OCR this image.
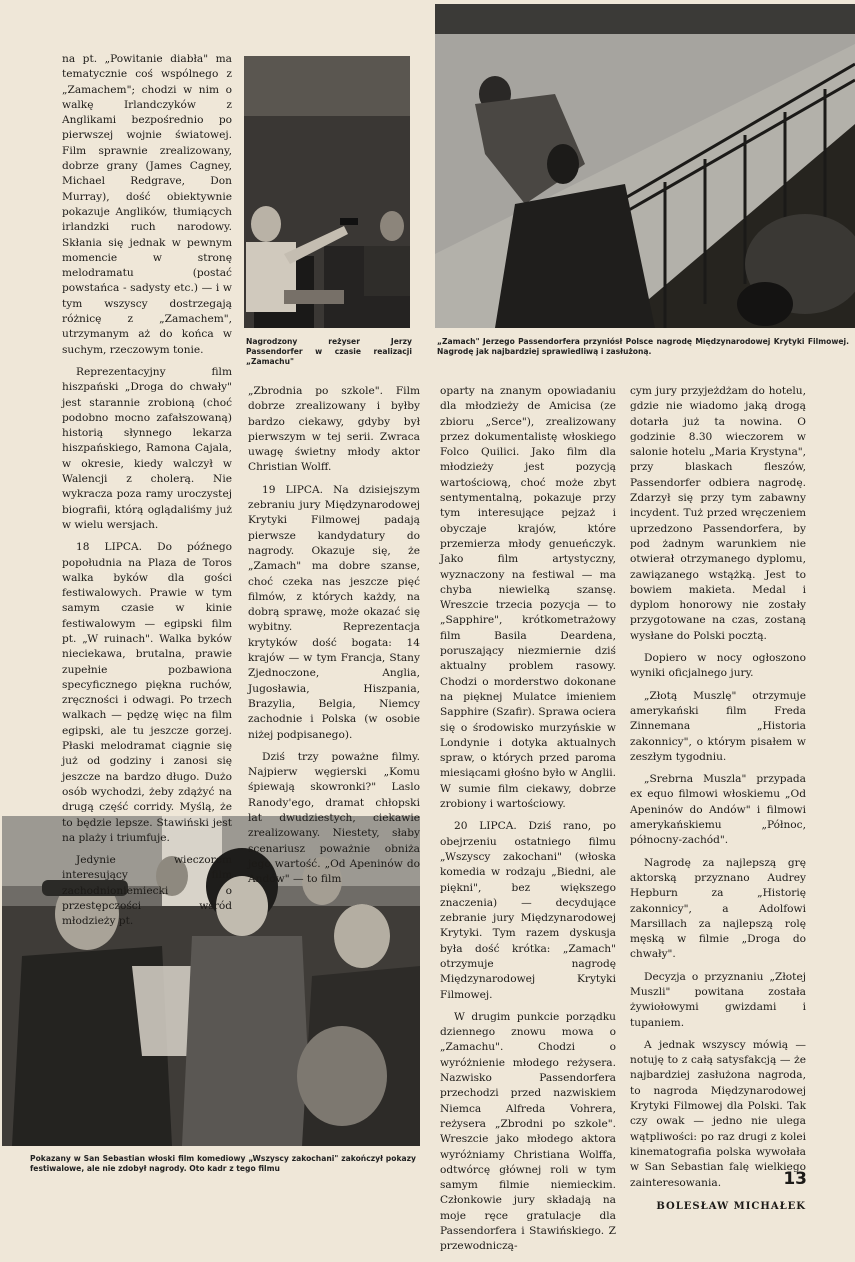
Nagrodzony reżyser Jerzy Passendorfer w czasie realizacji „Zamachu"
„Zamach" Jerzego Passendorfera przyniósł Polsce nagrodę Międzynarodowej Krytyki Filmowej. Nagrodę jak najbardziej sprawiedliwą i zasłużoną.
Pokazany w San Sebastian włoski film komediowy „Wszyscy zakochani" zakończył pokazy festiwalowe, ale nie zdobył nagrody. Oto kadr z tego filmu

na pt. „Powitanie diabła" ma tematycznie coś wspólnego z „Zamachem"; chodzi w nim o walkę Irlandczyków z Anglikami bezpośrednio po pierwszej wojnie światowej. Film sprawnie zrealizowany, dobrze grany (James Cagney, Michael Redgrave, Don Murray), dość obiektywnie pokazuje Anglików, tłumiących irlandzki ruch narodowy. Skłania się jednak w pewnym momencie w stronę melodramatu (postać powstańca - sadysty etc.) — i w tym wszyscy dostrzegają różnicę z „Zamachem", utrzymanym aż do końca w suchym, rzeczowym tonie.

Reprezentacyjny film hiszpański „Droga do chwały" jest starannie zrobioną (choć podobno mocno zafałszowaną) historią słynnego lekarza hiszpańskiego, Ramona Cajala, w okresie, kiedy walczył w Walencji z cholerą. Nie wykracza poza ramy uroczystej biografii, którą oglądaliśmy już w wielu wersjach.

18 LIPCA. Do późnego popołudnia na Plaza de Toros walka byków dla gości festiwalowych. Prawie w tym samym czasie w kinie festiwalowym — egipski film pt. „W ruinach". Walka byków nieciekawa, brutalna, prawie zupełnie pozbawiona specyficznego piękna ruchów, zręczności i odwagi. Po trzech walkach — pędzę więc na film egipski, ale tu jeszcze gorzej. Płaski melodramat ciągnie się już od godziny i zanosi się jeszcze na bardzo długo. Dużo osób wychodzi, żeby zdążyć na drugą część corridy. Myślą, że to będzie lepsze. Stawiński jest na plaży i triumfuje.

Jedynie wieczorem interesujący film zachodnioniemiecki o przestępczości wśród młodzieży pt.

„Zbrodnia po szkole". Film dobrze zrealizowany i byłby bardzo ciekawy, gdyby był pierwszym w tej serii. Zwraca uwagę świetny młody aktor Christian Wolff.

19 LIPCA. Na dzisiejszym zebraniu jury Międzynarodowej Krytyki Filmowej padają pierwsze kandydatury do nagrody. Okazuje się, że „Zamach" ma dobre szanse, choć czeka nas jeszcze pięć filmów, z których każdy, na dobrą sprawę, może okazać się wybitny. Reprezentacja krytyków dość bogata: 14 krajów — w tym Francja, Stany Zjednoczone, Anglia, Jugosławia, Hiszpania, Brazylia, Belgia, Niemcy zachodnie i Polska (w osobie niżej podpisanego).

Dziś trzy poważne filmy. Najpierw węgierski „Komu śpiewają skowronki?" Laslo Ranody'ego, dramat chłopski lat dwudziestych, ciekawie zrealizowany. Niestety, słaby scenariusz poważnie obniża jego wartość. „Od Apeninów do Andów" — to film

oparty na znanym opowiadaniu dla młodzieży de Amicisa (ze zbioru „Serce"), zrealizowany przez dokumentalistę włoskiego Folco Quilici. Jako film dla młodzieży jest pozycją wartościową, choć może zbyt sentymentalną, pokazuje przy tym interesujące pejzaż i obyczaje krajów, które przemierza młody genueńczyk. Jako film artystyczny, wyznaczony na festiwal — ma chyba niewielką szansę. Wreszcie trzecia pozycja — to „Sapphire", krótkometrażowy film Basila Deardena, poruszający niezmiernie dziś aktualny problem rasowy. Chodzi o morderstwo dokonane na pięknej Mulatce imieniem Sapphire (Szafir). Sprawa ociera się o środowisko murzyńskie w Londynie i dotyka aktualnych spraw, o których przed paroma miesiącami głośno było w Anglii. W sumie film ciekawy, dobrze zrobiony i wartościowy.

20 LIPCA. Dziś rano, po obejrzeniu ostatniego filmu „Wszyscy zakochani" (włoska komedia w rodzaju „Biedni, ale piękni", bez większego znaczenia) — decydujące zebranie jury Międzynarodowej Krytyki. Tym razem dyskusja była dość krótka: „Zamach" otrzymuje nagrodę Międzynarodowej Krytyki Filmowej.

W drugim punkcie porządku dziennego znowu mowa o „Zamachu". Chodzi o wyróżnienie młodego reżysera. Nazwisko Passendorfera przechodzi przed nazwiskiem Niemca Alfreda Vohrera, reżysera „Zbrodni po szkole". Wreszcie jako młodego aktora wyróżniamy Christiana Wolffa, odtwórcę głównej roli w tym samym filmie niemieckim. Członkowie jury składają na moje ręce gratulacje dla Passendorfera i Stawińskiego. Z przewodniczą-

cym jury przyjeżdżam do hotelu, gdzie nie wiadomo jaką drogą dotarła już ta nowina. O godzinie 8.30 wieczorem w salonie hotelu „Maria Krystyna", przy blaskach fleszów, Passendorfer odbiera nagrodę. Zdarzył się przy tym zabawny incydent. Tuż przed wręczeniem uprzedzono Passendorfera, by pod żadnym warunkiem nie otwierał otrzymanego dyplomu, zawiązanego wstążką. Jest to bowiem makieta. Medal i dyplom honorowy nie zostały przygotowane na czas, zostaną wysłane do Polski pocztą.

Dopiero w nocy ogłoszono wyniki oficjalnego jury.

„Złotą Muszlę" otrzymuje amerykański film Freda Zinnemana „Historia zakonnicy", o którym pisałem w zeszłym tygodniu.

„Srebrna Muszla" przypada ex equo filmowi włoskiemu „Od Apeninów do Andów" i filmowi amerykańskiemu „Północ, północny-zachód".

Nagrodę za najlepszą grę aktorską przyznano Audrey Hepburn za „Historię zakonnicy", a Adolfowi Marsillach za najlepszą rolę męską w filmie „Droga do chwały".

Decyzja o przyznaniu „Złotej Muszli" powitana została żywiołowymi gwizdami i tupaniem.

A jednak wszyscy mówią — notuję to z całą satysfakcją — że najbardziej zasłużona nagroda, to nagroda Międzynarodowej Krytyki Filmowej dla Polski. Tak czy owak — jedno nie ulega wątpliwości: po raz drugi z kolei kinematografia polska wywołała w San Sebastian falę wielkiego zainteresowania.

BOLESŁAW MICHAŁEK

13
